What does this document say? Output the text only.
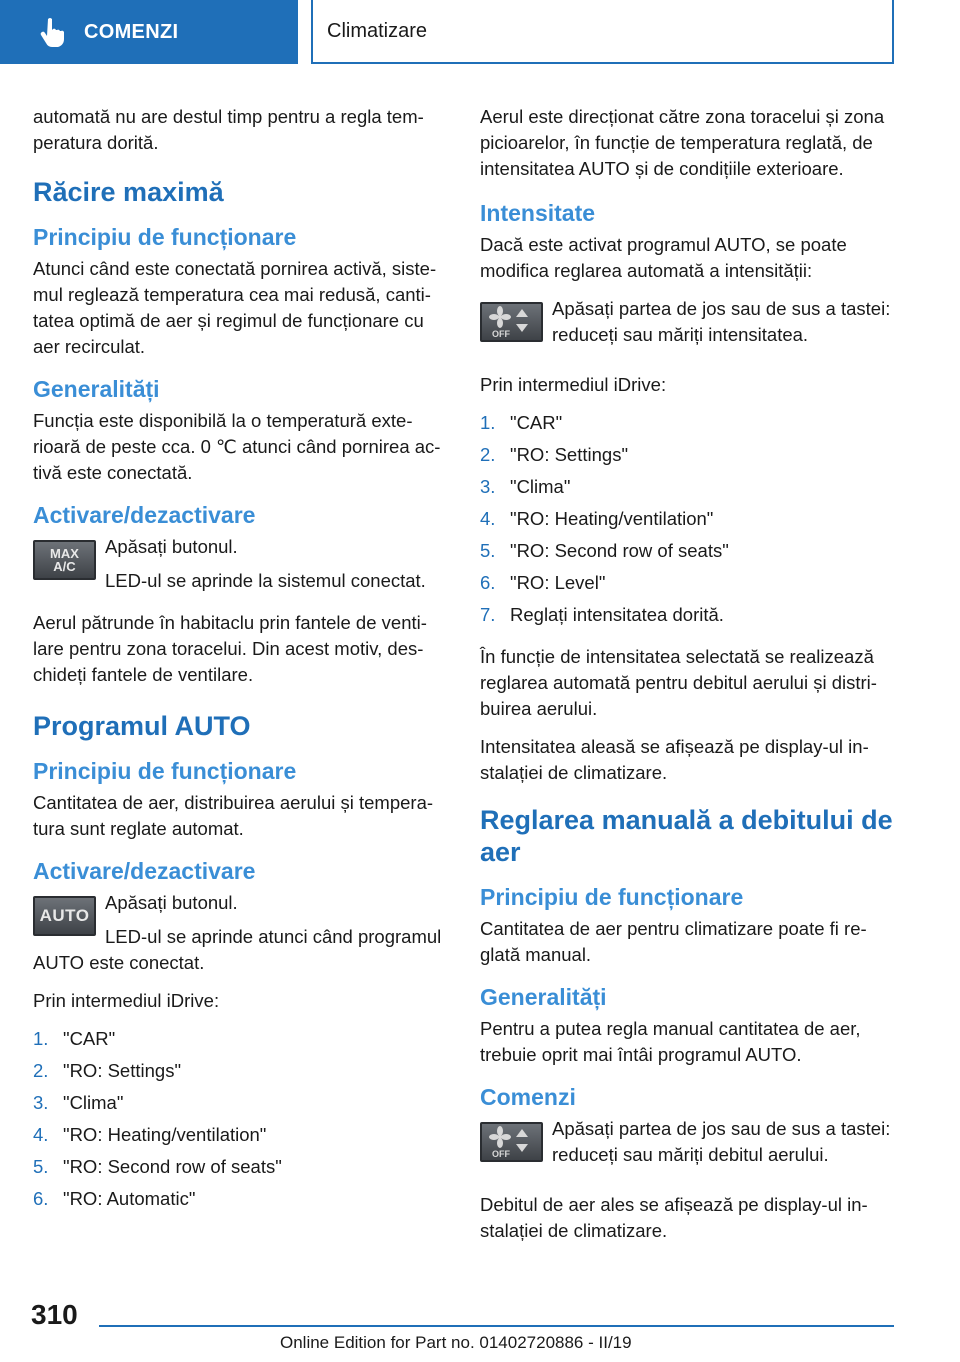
COMENZI	Climatizare

automată nu are destul timp pentru a regla temperatura dorită.

Răcire maximă
Principiu de funcționare

Atunci când este conectată pornirea activă, sistemul reglează temperatura cea mai redusă, cantitatea optimă de aer și regimul de funcționare cu aer recirculat.

Generalități

Funcția este disponibilă la o temperatură exterioară de peste cca. 0 ℃ atunci când pornirea activă este conectată.

Activare/dezactivare
MAX
A/C

Apăsați butonul.

LED-ul se aprinde la sistemul conectat.

Aerul pătrunde în habitaclu prin fantele de ventilare pentru zona toracelui. Din acest motiv, deschideți fantele de ventilare.

Programul AUTO
Principiu de funcționare

Cantitatea de aer, distribuirea aerului și temperatura sunt reglate automat.

Activare/dezactivare
AUTO

Apăsați butonul.

LED-ul se aprinde atunci când programul AUTO este conectat.

Prin intermediul iDrive:

1. "CAR"
2. "RO: Settings"
3. "Clima"
4. "RO: Heating/ventilation"
5. "RO: Second row of seats"
6. "RO: Automatic"

Aerul este direcționat către zona toracelui și zona picioarelor, în funcție de temperatura reglată, de intensitatea AUTO și de condițiile exterioare.

Intensitate

Dacă este activat programul AUTO, se poate modifica reglarea automată a intensității:

OFF

Apăsați partea de jos sau de sus a tastei: reduceți sau măriți intensitatea.

Prin intermediul iDrive:

1. "CAR"
2. "RO: Settings"
3. "Clima"
4. "RO: Heating/ventilation"
5. "RO: Second row of seats"
6. "RO: Level"
7. Reglați intensitatea dorită.

În funcție de intensitatea selectată se realizează reglarea automată pentru debitul aerului și distribuirea aerului.

Intensitatea aleasă se afișează pe display-ul instalației de climatizare.

Reglarea manuală a debitului de aer
Principiu de funcționare

Cantitatea de aer pentru climatizare poate fi reglată manual.

Generalități

Pentru a putea regla manual cantitatea de aer, trebuie oprit mai întâi programul AUTO.

Comenzi
OFF

Apăsați partea de jos sau de sus a tastei: reduceți sau măriți debitul aerului.

Debitul de aer ales se afișează pe display-ul instalației de climatizare.

310
Online Edition for Part no. 01402720886 - II/19
